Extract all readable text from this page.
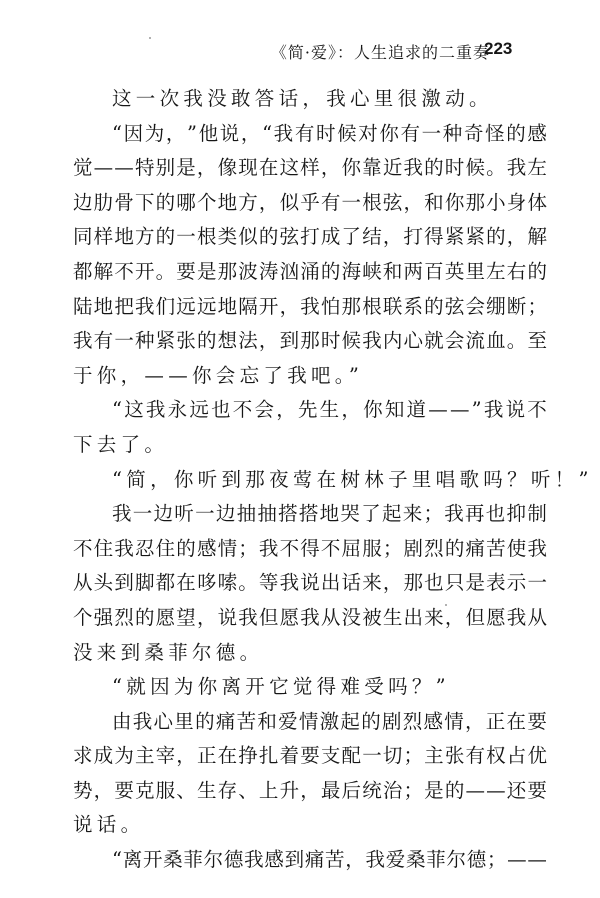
《简·爱》：人生追求的二重奏
223
这一次我没敢答话，我心里很激动。
“ 因 为 ， ” 他 说 ， “ 我 有 时 候 对 你 有 一 种 奇 怪 的 感
觉 — — 特 别 是 ， 像 现 在 这 样 ， 你 靠 近 我 的 时 候 。 我 左
边 肋 骨 下 的 哪 个 地 方 ， 似 乎 有 一 根 弦 ， 和 你 那 小 身 体
同 样 地 方 的 一 根 类 似 的 弦 打 成 了 结 ， 打 得 紧 紧 的 ， 解
都 解 不 开 。 要 是 那 波 涛 汹 涌 的 海 峡 和 两 百 英 里 左 右 的
陆 地 把 我 们 远 远 地 隔 开 ， 我 怕 那 根 联 系 的 弦 会 绷 断 ；
我 有 一 种 紧 张 的 想 法 ， 到 那 时 候 我 内 心 就 会 流 血 。 至
于你，——你会忘了我吧。”
“ 这 我 永 远 也 不 会 ， 先 生 ， 你 知 道 — — ” 我 说 不
下去了。
“简，你听到那夜莺在树林子里唱歌吗？听！”
我 一 边 听 一 边 抽 抽 搭 搭 地 哭 了 起 来 ； 我 再 也 抑 制
不 住 我 忍 住 的 感 情 ； 我 不 得 不 屈 服 ； 剧 烈 的 痛 苦 使 我
从 头 到 脚 都 在 哆 嗦 。 等 我 说 出 话 来 ， 那 也 只 是 表 示 一
个 强 烈 的 愿 望 ， 说 我 但 愿 我 从 没 被 生 出 来 ， 但 愿 我 从
没来到桑菲尔德。
“就因为你离开它觉得难受吗？”
由 我 心 里 的 痛 苦 和 爱 情 激 起 的 剧 烈 感 情 ， 正 在 要
求 成 为 主 宰 ， 正 在 挣 扎 着 要 支 配 一 切 ； 主 张 有 权 占 优
势 ， 要 克 服 、 生 存 、 上 升 ， 最 后 统 治 ； 是 的 — — 还 要
说话。
“ 离 开 桑 菲 尔 德 我 感 到 痛 苦 ， 我 爱 桑 菲 尔 德 ； — —
